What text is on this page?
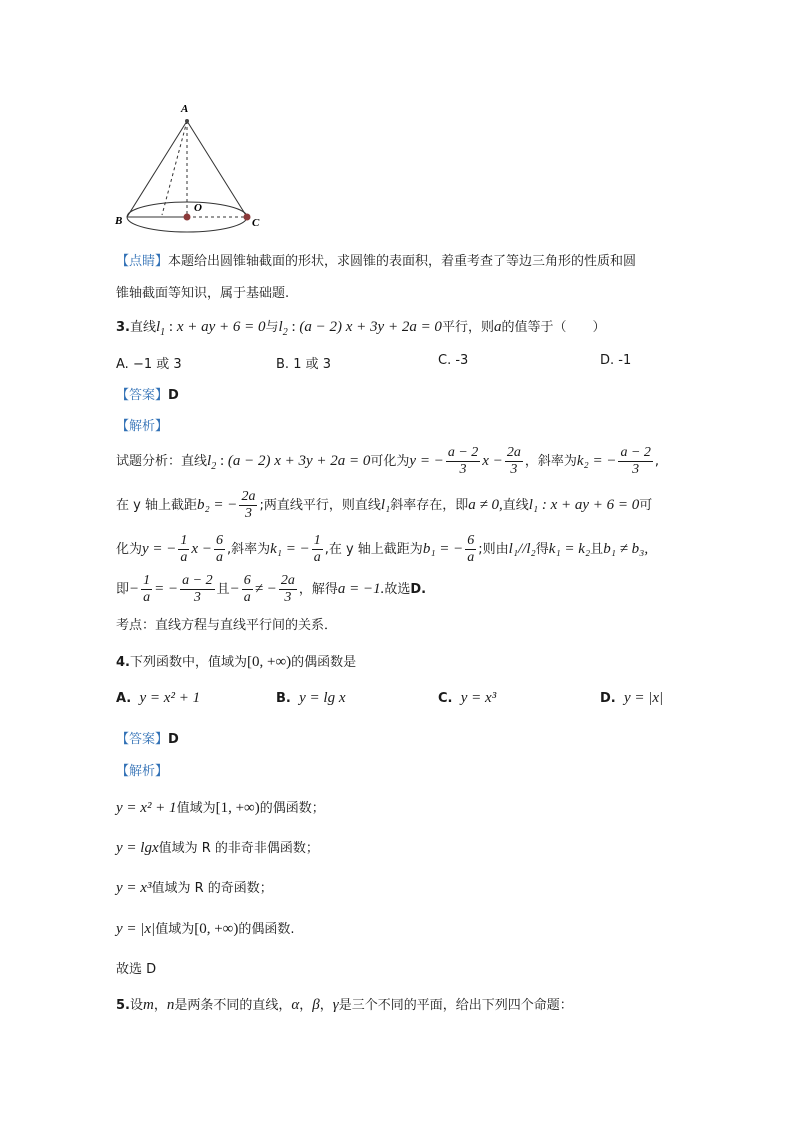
A
B
O
C
【点睛】本题给出圆锥轴截面的形状，求圆锥的表面积，着重考查了等边三角形的性质和圆
锥轴截面等知识，属于基础题.
3.直线$l_1$ : x + ay + 6 = 0与$l_2$ : (a − 2) x + 3y + 2a = 0平行，则a的值等于（　　）
A. −1 或 3	B. 1 或 3	C. -3	D. -1
【答案】D
【解析】
试题分析：直线$l_2$ : (a − 2) x + 3y + 2a = 0可化为y = − $\frac{a - 2}{3}$ $x - \frac{2a}{3}$ ，斜率为k₂ = − $\frac{a - 2}{3}$ ,
在 y 轴上截距b₂ = − $\frac{2a}{3}$ ;两直线平行，则直线l₁斜率存在，即a ≠ 0,直线l₁ : x + ay + 6 = 0可
化为y = − $\frac{1}{a}$ $x - \frac{6}{a}$ ,斜率为k₁ = − $\frac{1}{a}$ ,在 y 轴上截距为b₁ = − $\frac{6}{a}$ ;则由l₁//l₂得k₁ = k₂且b₁ ≠ b₃,
即− $\frac{1}{a}$ = − $\frac{a - 2}{3}$ 且− $\frac{6}{a}$ ≠ − $\frac{2a}{3}$ ，解得a = −1.故选D.
考点：直线方程与直线平行间的关系．
4.下列函数中，值域为[0, +∞)的偶函数是
A. y = x² + 1	B. y = lg x	C. y = x³	D. y = |x|
【答案】D
【解析】
y = x² + 1值域为[1, +∞)的偶函数；
y = lgx值域为 R 的非奇非偶函数；
y = x³值域为 R 的奇函数；
y = |x|值域为[0, +∞)的偶函数.
故选 D
5.设m，n是两条不同的直线，α，β，γ是三个不同的平面，给出下列四个命题：
